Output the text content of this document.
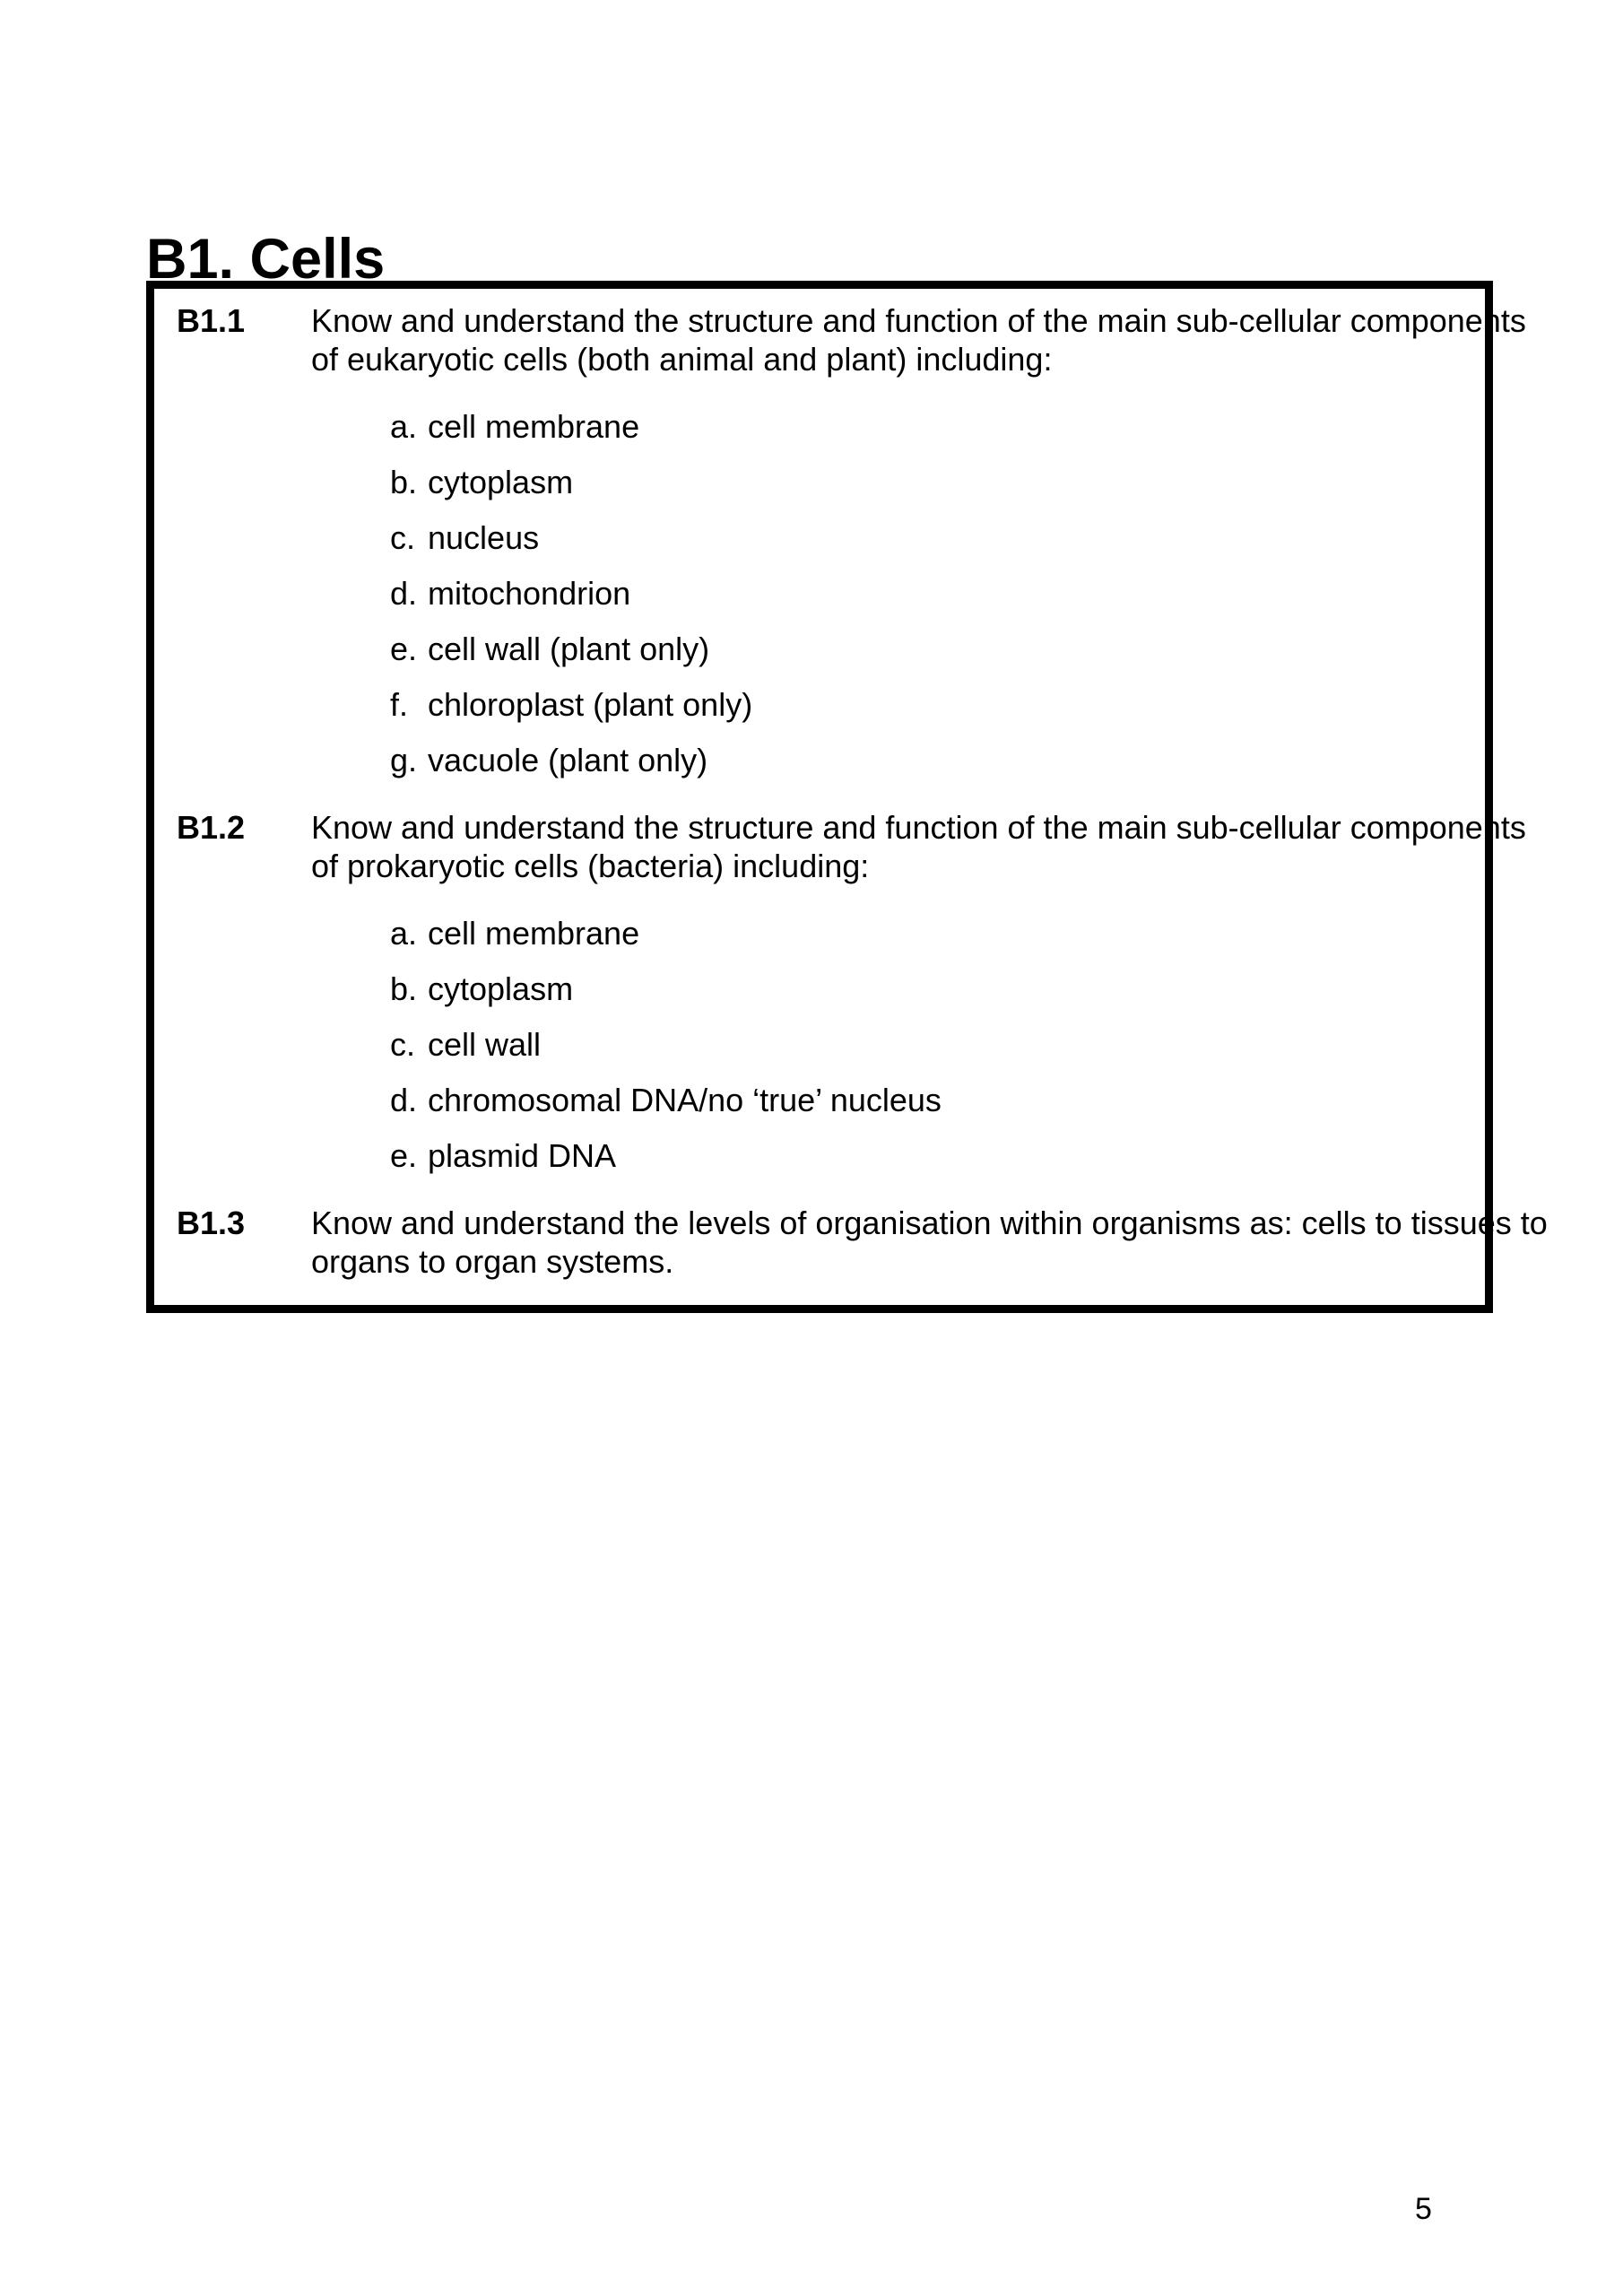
B1. Cells
B1.1	Know and understand the structure and function of the main sub-cellular components
of eukaryotic cells (both animal and plant) including:

a. cell membrane
b. cytoplasm
c. nucleus
d. mitochondrion
e. cell wall (plant only)
f. chloroplast (plant only)
g. vacuole (plant only)
B1.2	Know and understand the structure and function of the main sub-cellular components
of prokaryotic cells (bacteria) including:

a. cell membrane
b. cytoplasm
c. cell wall
d. chromosomal DNA/no ‘true’ nucleus
e. plasmid DNA
B1.3	Know and understand the levels of organisation within organisms as: cells to tissues to
organs to organ systems.

5
